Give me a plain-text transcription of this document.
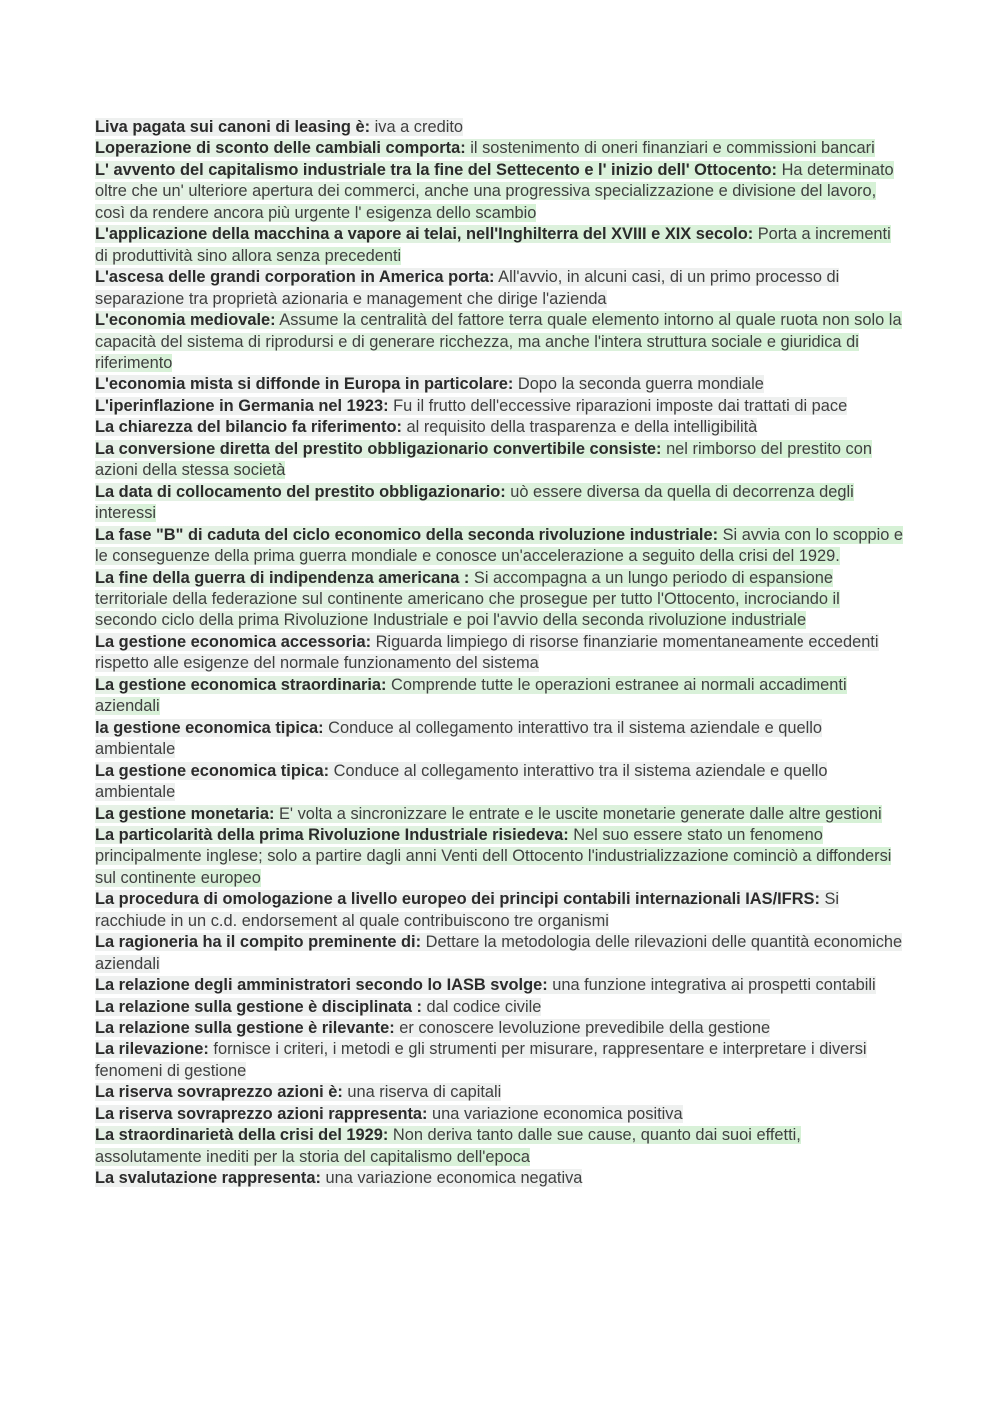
Liva pagata sui canoni di leasing è: iva a credito

Loperazione di sconto delle cambiali comporta: il sostenimento di oneri finanziari e commissioni bancari

L' avvento del capitalismo industriale tra la fine del Settecento e l' inizio dell' Ottocento: Ha determinato oltre che un' ulteriore apertura dei commerci, anche una progressiva specializzazione e divisione del lavoro, così da rendere ancora più urgente l' esigenza dello scambio

L'applicazione della macchina a vapore ai telai, nell'Inghilterra del XVIII e XIX secolo: Porta a incrementi di produttività sino allora senza precedenti

L'ascesa delle grandi corporation in America porta: All'avvio, in alcuni casi, di un primo processo di separazione tra proprietà azionaria e management che dirige l'azienda

L'economia mediovale: Assume la centralità del fattore terra quale elemento intorno al quale ruota non solo la capacità del sistema di riprodursi e di generare ricchezza, ma anche l'intera struttura sociale e giuridica di riferimento

L'economia mista si diffonde in Europa in particolare: Dopo la seconda guerra mondiale

L'iperinflazione in Germania nel 1923: Fu il frutto dell'eccessive riparazioni imposte dai trattati di pace

La chiarezza del bilancio fa riferimento: al requisito della trasparenza e della intelligibilità

La conversione diretta del prestito obbligazionario convertibile consiste: nel rimborso del prestito con azioni della stessa società

La data di collocamento del prestito obbligazionario: uò essere diversa da quella di decorrenza degli interessi

La fase "B" di caduta del ciclo economico della seconda rivoluzione industriale: Si avvia con lo scoppio e le conseguenze della prima guerra mondiale e conosce un'accelerazione a seguito della crisi del 1929.

La fine della guerra di indipendenza americana : Si accompagna a un lungo periodo di espansione territoriale della federazione sul continente americano che prosegue per tutto l'Ottocento, incrociando il secondo ciclo della prima Rivoluzione Industriale e poi l'avvio della seconda rivoluzione industriale

La gestione economica accessoria: Riguarda limpiego di risorse finanziarie momentaneamente eccedenti rispetto alle esigenze del normale funzionamento del sistema

La gestione economica straordinaria: Comprende tutte le operazioni estranee ai normali accadimenti aziendali

la gestione economica tipica: Conduce al collegamento interattivo tra il sistema aziendale e quello ambientale

La gestione economica tipica: Conduce al collegamento interattivo tra il sistema aziendale e quello ambientale

La gestione monetaria: E' volta a sincronizzare le entrate e le uscite monetarie generate dalle altre gestioni

La particolarità della prima Rivoluzione Industriale risiedeva: Nel suo essere stato un fenomeno principalmente inglese; solo a partire dagli anni Venti dell Ottocento l'industrializzazione cominciò a diffondersi sul continente europeo

La procedura di omologazione a livello europeo dei principi contabili internazionali IAS/IFRS: Si racchiude in un c.d. endorsement al quale contribuiscono tre organismi

La ragioneria ha il compito preminente di: Dettare la metodologia delle rilevazioni delle quantità economiche aziendali

La relazione degli amministratori secondo lo IASB svolge: una funzione integrativa ai prospetti contabili

La relazione sulla gestione è disciplinata : dal codice civile

La relazione sulla gestione è rilevante: er conoscere levoluzione prevedibile della gestione

La rilevazione: fornisce i criteri, i metodi e gli strumenti per misurare, rappresentare e interpretare i diversi fenomeni di gestione

La riserva sovraprezzo azioni è: una riserva di capitali

La riserva sovraprezzo azioni rappresenta: una variazione economica positiva

La straordinarietà della crisi del 1929: Non deriva tanto dalle sue cause, quanto dai suoi effetti, assolutamente inediti per la storia del capitalismo dell'epoca

La svalutazione rappresenta: una variazione economica negativa
